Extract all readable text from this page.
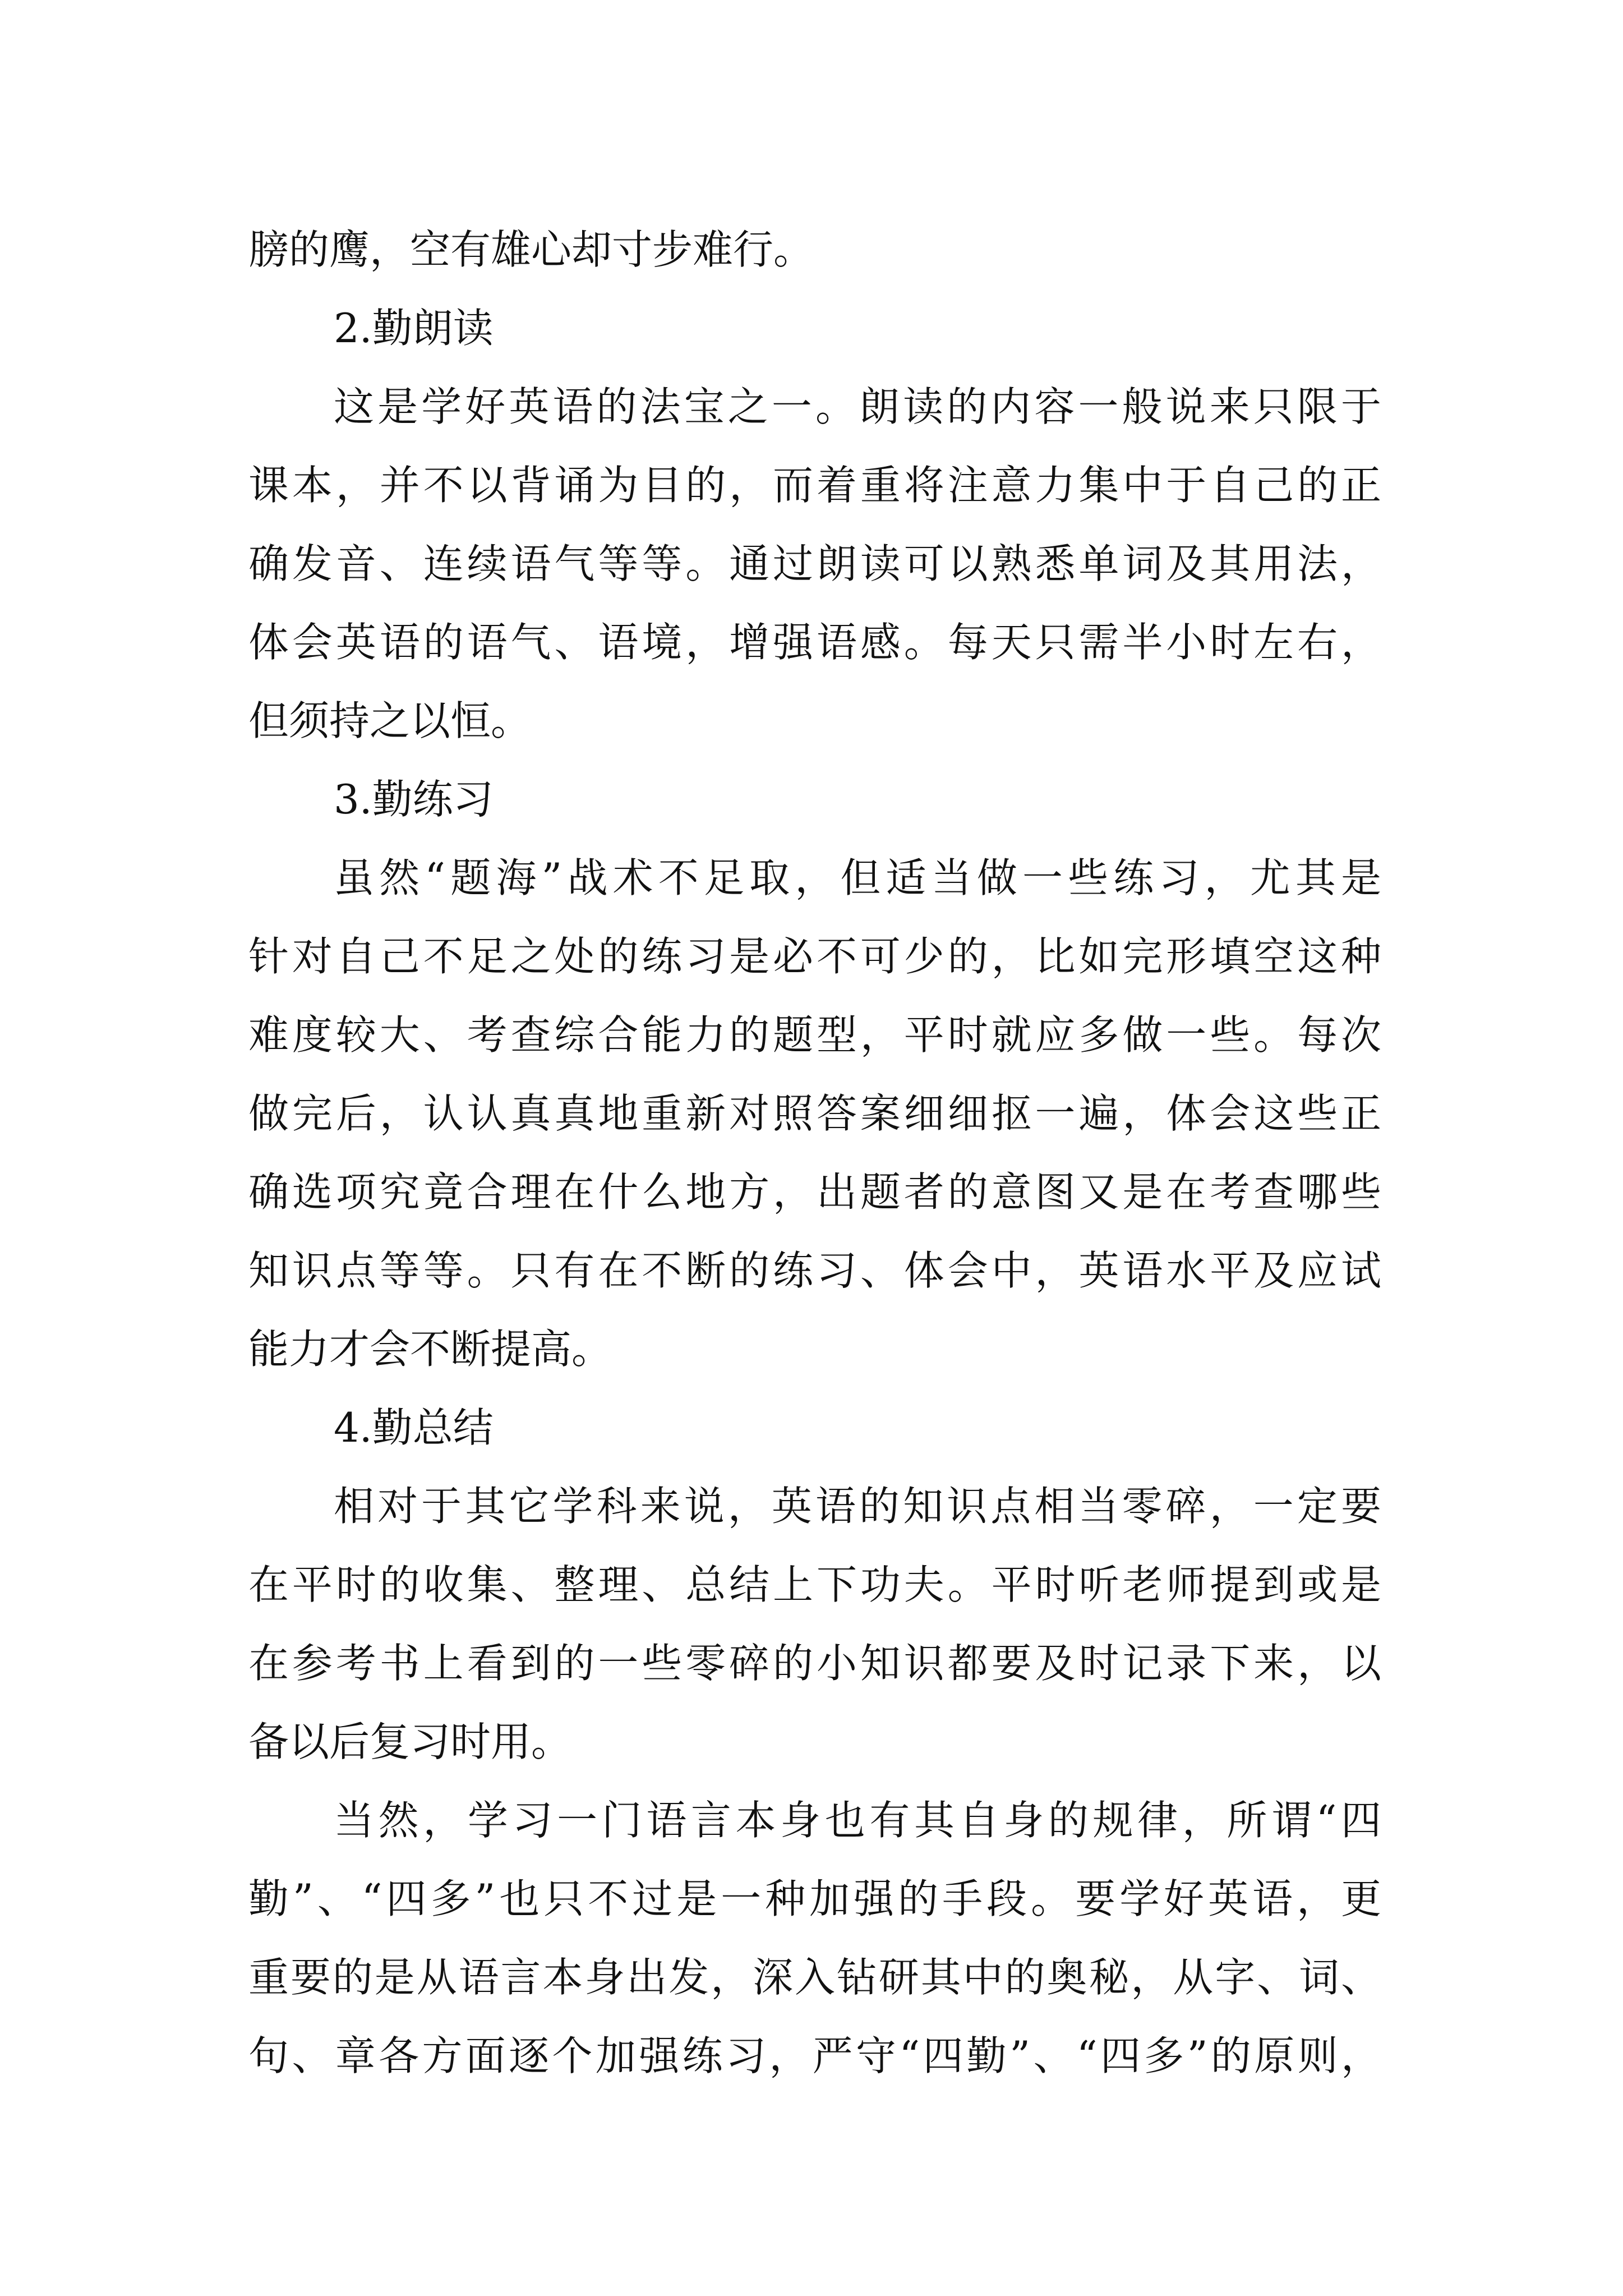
膀的鹰，空有雄心却寸步难行。
2.勤朗读
这是学好英语的法宝之一。朗读的内容一般说来只限于
课本，并不以背诵为目的，而着重将注意力集中于自己的正
确发音、连续语气等等。通过朗读可以熟悉单词及其用法，
体会英语的语气、语境，增强语感。每天只需半小时左右，
但须持之以恒。
3.勤练习
虽然“题海”战术不足取，但适当做一些练习，尤其是
针对自己不足之处的练习是必不可少的，比如完形填空这种
难度较大、考查综合能力的题型，平时就应多做一些。每次
做完后，认认真真地重新对照答案细细抠一遍，体会这些正
确选项究竟合理在什么地方，出题者的意图又是在考查哪些
知识点等等。只有在不断的练习、体会中，英语水平及应试
能力才会不断提高。
4.勤总结
相对于其它学科来说，英语的知识点相当零碎，一定要
在平时的收集、整理、总结上下功夫。平时听老师提到或是
在参考书上看到的一些零碎的小知识都要及时记录下来，以
备以后复习时用。
当然，学习一门语言本身也有其自身的规律，所谓“四
勤”、“四多”也只不过是一种加强的手段。要学好英语，更
重要的是从语言本身出发，深入钻研其中的奥秘，从字、词、
句、章各方面逐个加强练习，严守“四勤”、“四多”的原则，
